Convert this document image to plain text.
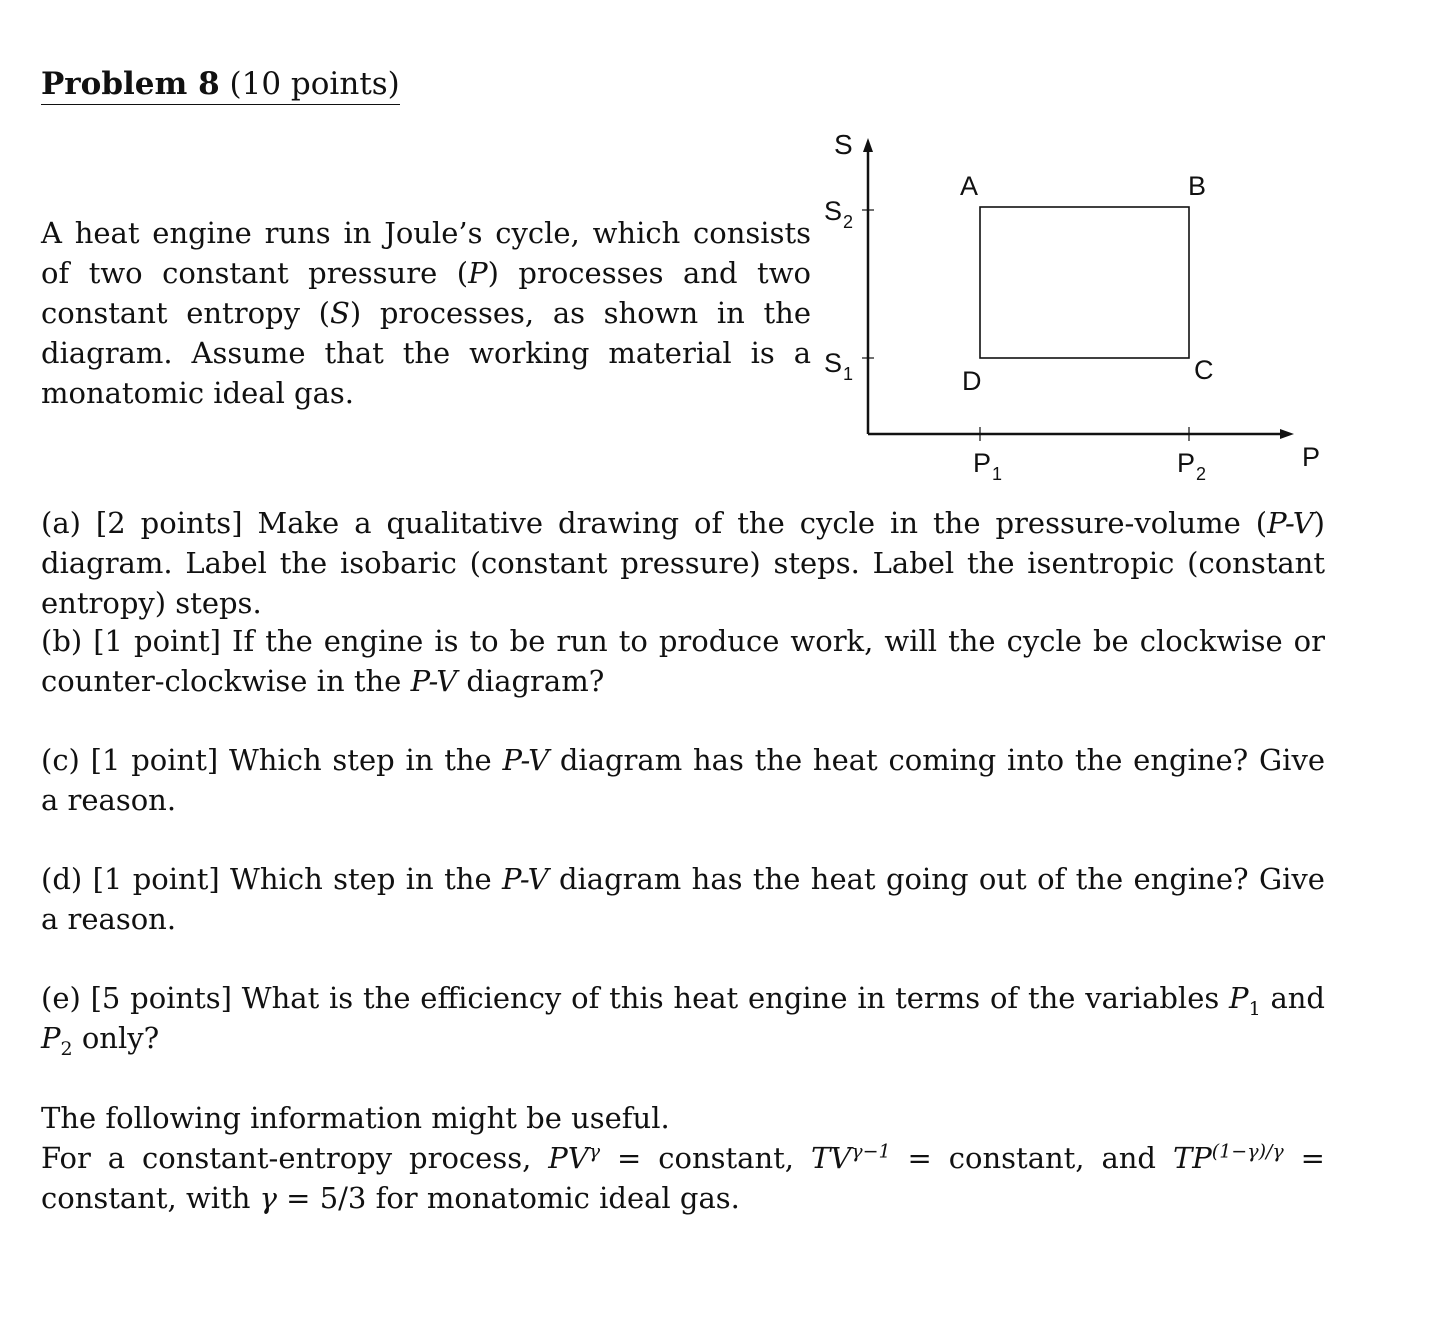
Problem 8 (10 points)
A heat engine runs in Joule’s cycle, which consists of two constant pressure (P) processes and two constant entropy (S) processes, as shown in the diagram. Assume that the working material is a monatomic ideal gas.
S
P
$S_2$
$S_1$
$P_1$	$P_2$
A	B
C
D
(a) [2 points] Make a qualitative drawing of the cycle in the pressure-volume (P-V) diagram. Label the isobaric (constant pressure) steps. Label the isentropic (constant entropy) steps.
(b) [1 point] If the engine is to be run to produce work, will the cycle be clockwise or counter-clockwise in the P-V diagram?
(c) [1 point] Which step in the P-V diagram has the heat coming into the engine? Give a reason.
(d) [1 point] Which step in the P-V diagram has the heat going out of the engine? Give a reason.
(e) [5 points] What is the efficiency of this heat engine in terms of the variables $P_1$ and $P_2$ only?
The following information might be useful.
For a constant-entropy process, $PV^\gamma$ = constant, $TV^{\gamma-1}$ = constant, and $TP^{(1-\gamma)/\gamma}$ = constant, with γ = 5/3 for monatomic ideal gas.
